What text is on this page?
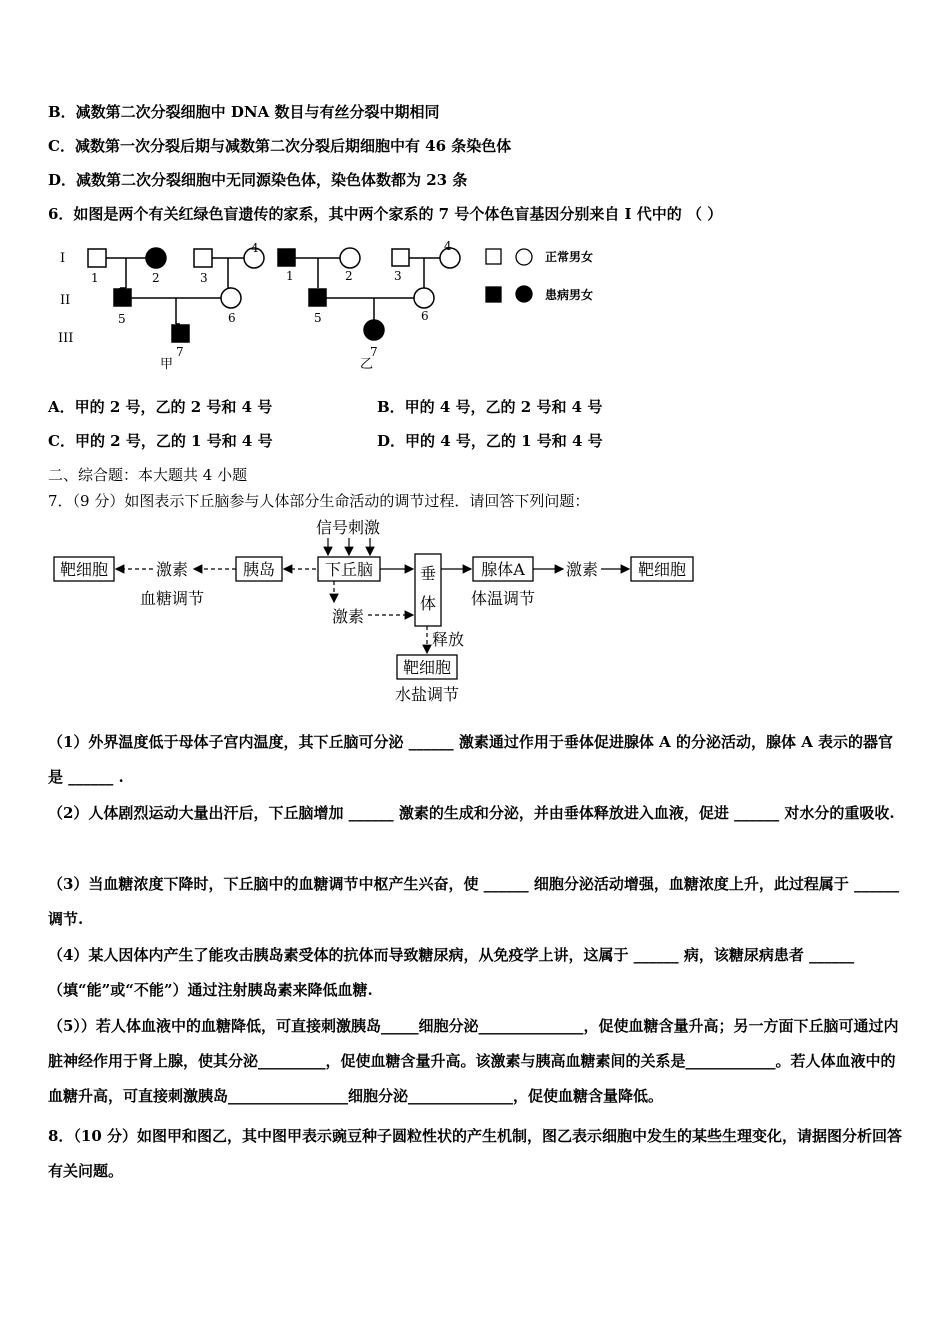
B．减数第二次分裂细胞中 DNA 数目与有丝分裂中期相同
C．减数第一次分裂后期与减数第二次分裂后期细胞中有 46 条染色体
D．减数第二次分裂细胞中无同源染色体，染色体数都为 23 条
6．如图是两个有关红绿色盲遗传的家系，其中两个家系的 7 号个体色盲基因分别来自 I 代中的 （ ）
I
II
III
1	2	3
4
5	6
7
甲
1	2	3
4
5	6
7
乙
正常男女
患病男女
A．甲的 2 号，乙的 2 号和 4 号	B．甲的 4 号，乙的 2 号和 4 号
C．甲的 2 号，乙的 1 号和 4 号	D．甲的 4 号，乙的 1 号和 4 号
二、综合题：本大题共 4 小题
7．（9 分）如图表示下丘脑参与人体部分生命活动的调节过程．请回答下列问题：
靶细胞	激素
血糖调节
胰岛
信号刺激
下丘脑
激素
垂
体
释放
靶细胞
水盐调节
腺体A
体温调节
激素 靶细胞
（1）外界温度低于母体子宫内温度，其下丘脑可分泌 ______ 激素通过作用于垂体促进腺体 A 的分泌活动，腺体 A 表示的器官是 ______ .
（2）人体剧烈运动大量出汗后，下丘脑增加 ______ 激素的生成和分泌，并由垂体释放进入血液，促进 ______ 对水分的重吸收.
（3）当血糖浓度下降时，下丘脑中的血糖调节中枢产生兴奋，使 ______ 细胞分泌活动增强，血糖浓度上升，此过程属于 ______ 调节.
（4）某人因体内产生了能攻击胰岛素受体的抗体而导致糖尿病，从免疫学上讲，这属于 ______ 病，该糖尿病患者 ______ （填“能”或“不能”）通过注射胰岛素来降低血糖.
（5））若人体血液中的血糖降低，可直接刺激胰岛_____细胞分泌______________，促使血糖含量升高；另一方面下丘脑可通过内脏神经作用于肾上腺，使其分泌_________，促使血糖含量升高。该激素与胰高血糖素间的关系是____________。若人体血液中的血糖升高，可直接刺激胰岛________________细胞分泌______________，促使血糖含量降低。
8．（10 分）如图甲和图乙，其中图甲表示豌豆种子圆粒性状的产生机制，图乙表示细胞中发生的某些生理变化，请据图分析回答有关问题。
